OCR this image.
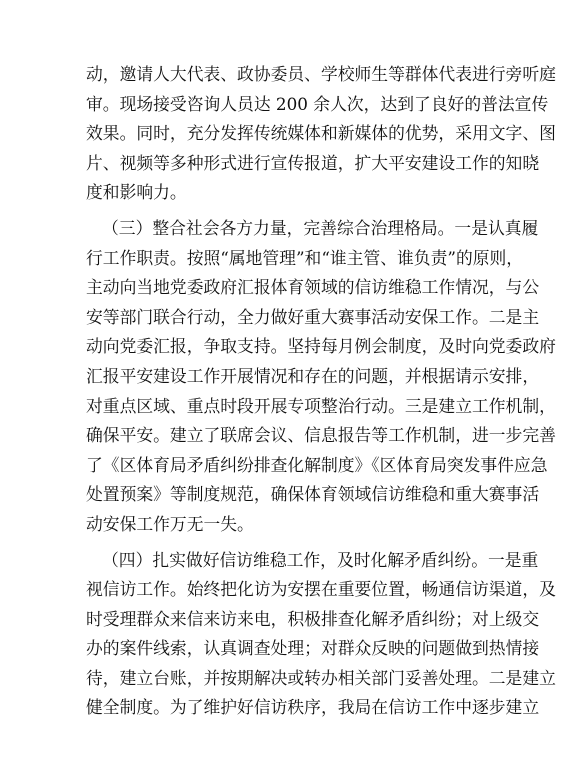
动，邀请人大代表、政协委员、学校师生等群体代表进行旁听庭
审。现场接受咨询人员达 200 余人次，达到了良好的普法宣传
效果。同时，充分发挥传统媒体和新媒体的优势，采用文字、图
片、视频等多种形式进行宣传报道，扩大平安建设工作的知晓
度和影响力。
（三）整合社会各方力量，完善综合治理格局。一是认真履
行工作职责。按照“属地管理”和“谁主管、谁负责”的原则，
主动向当地党委政府汇报体育领域的信访维稳工作情况，与公
安等部门联合行动，全力做好重大赛事活动安保工作。二是主
动向党委汇报，争取支持。坚持每月例会制度，及时向党委政府
汇报平安建设工作开展情况和存在的问题，并根据请示安排，
对重点区域、重点时段开展专项整治行动。三是建立工作机制，
确保平安。建立了联席会议、信息报告等工作机制，进一步完善
了《区体育局矛盾纠纷排查化解制度》《区体育局突发事件应急
处置预案》等制度规范，确保体育领域信访维稳和重大赛事活
动安保工作万无一失。
（四）扎实做好信访维稳工作，及时化解矛盾纠纷。一是重
视信访工作。始终把化访为安摆在重要位置，畅通信访渠道，及
时受理群众来信来访来电，积极排查化解矛盾纠纷；对上级交
办的案件线索，认真调查处理；对群众反映的问题做到热情接
待，建立台账，并按期解决或转办相关部门妥善处理。二是建立
健全制度。为了维护好信访秩序，我局在信访工作中逐步建立
